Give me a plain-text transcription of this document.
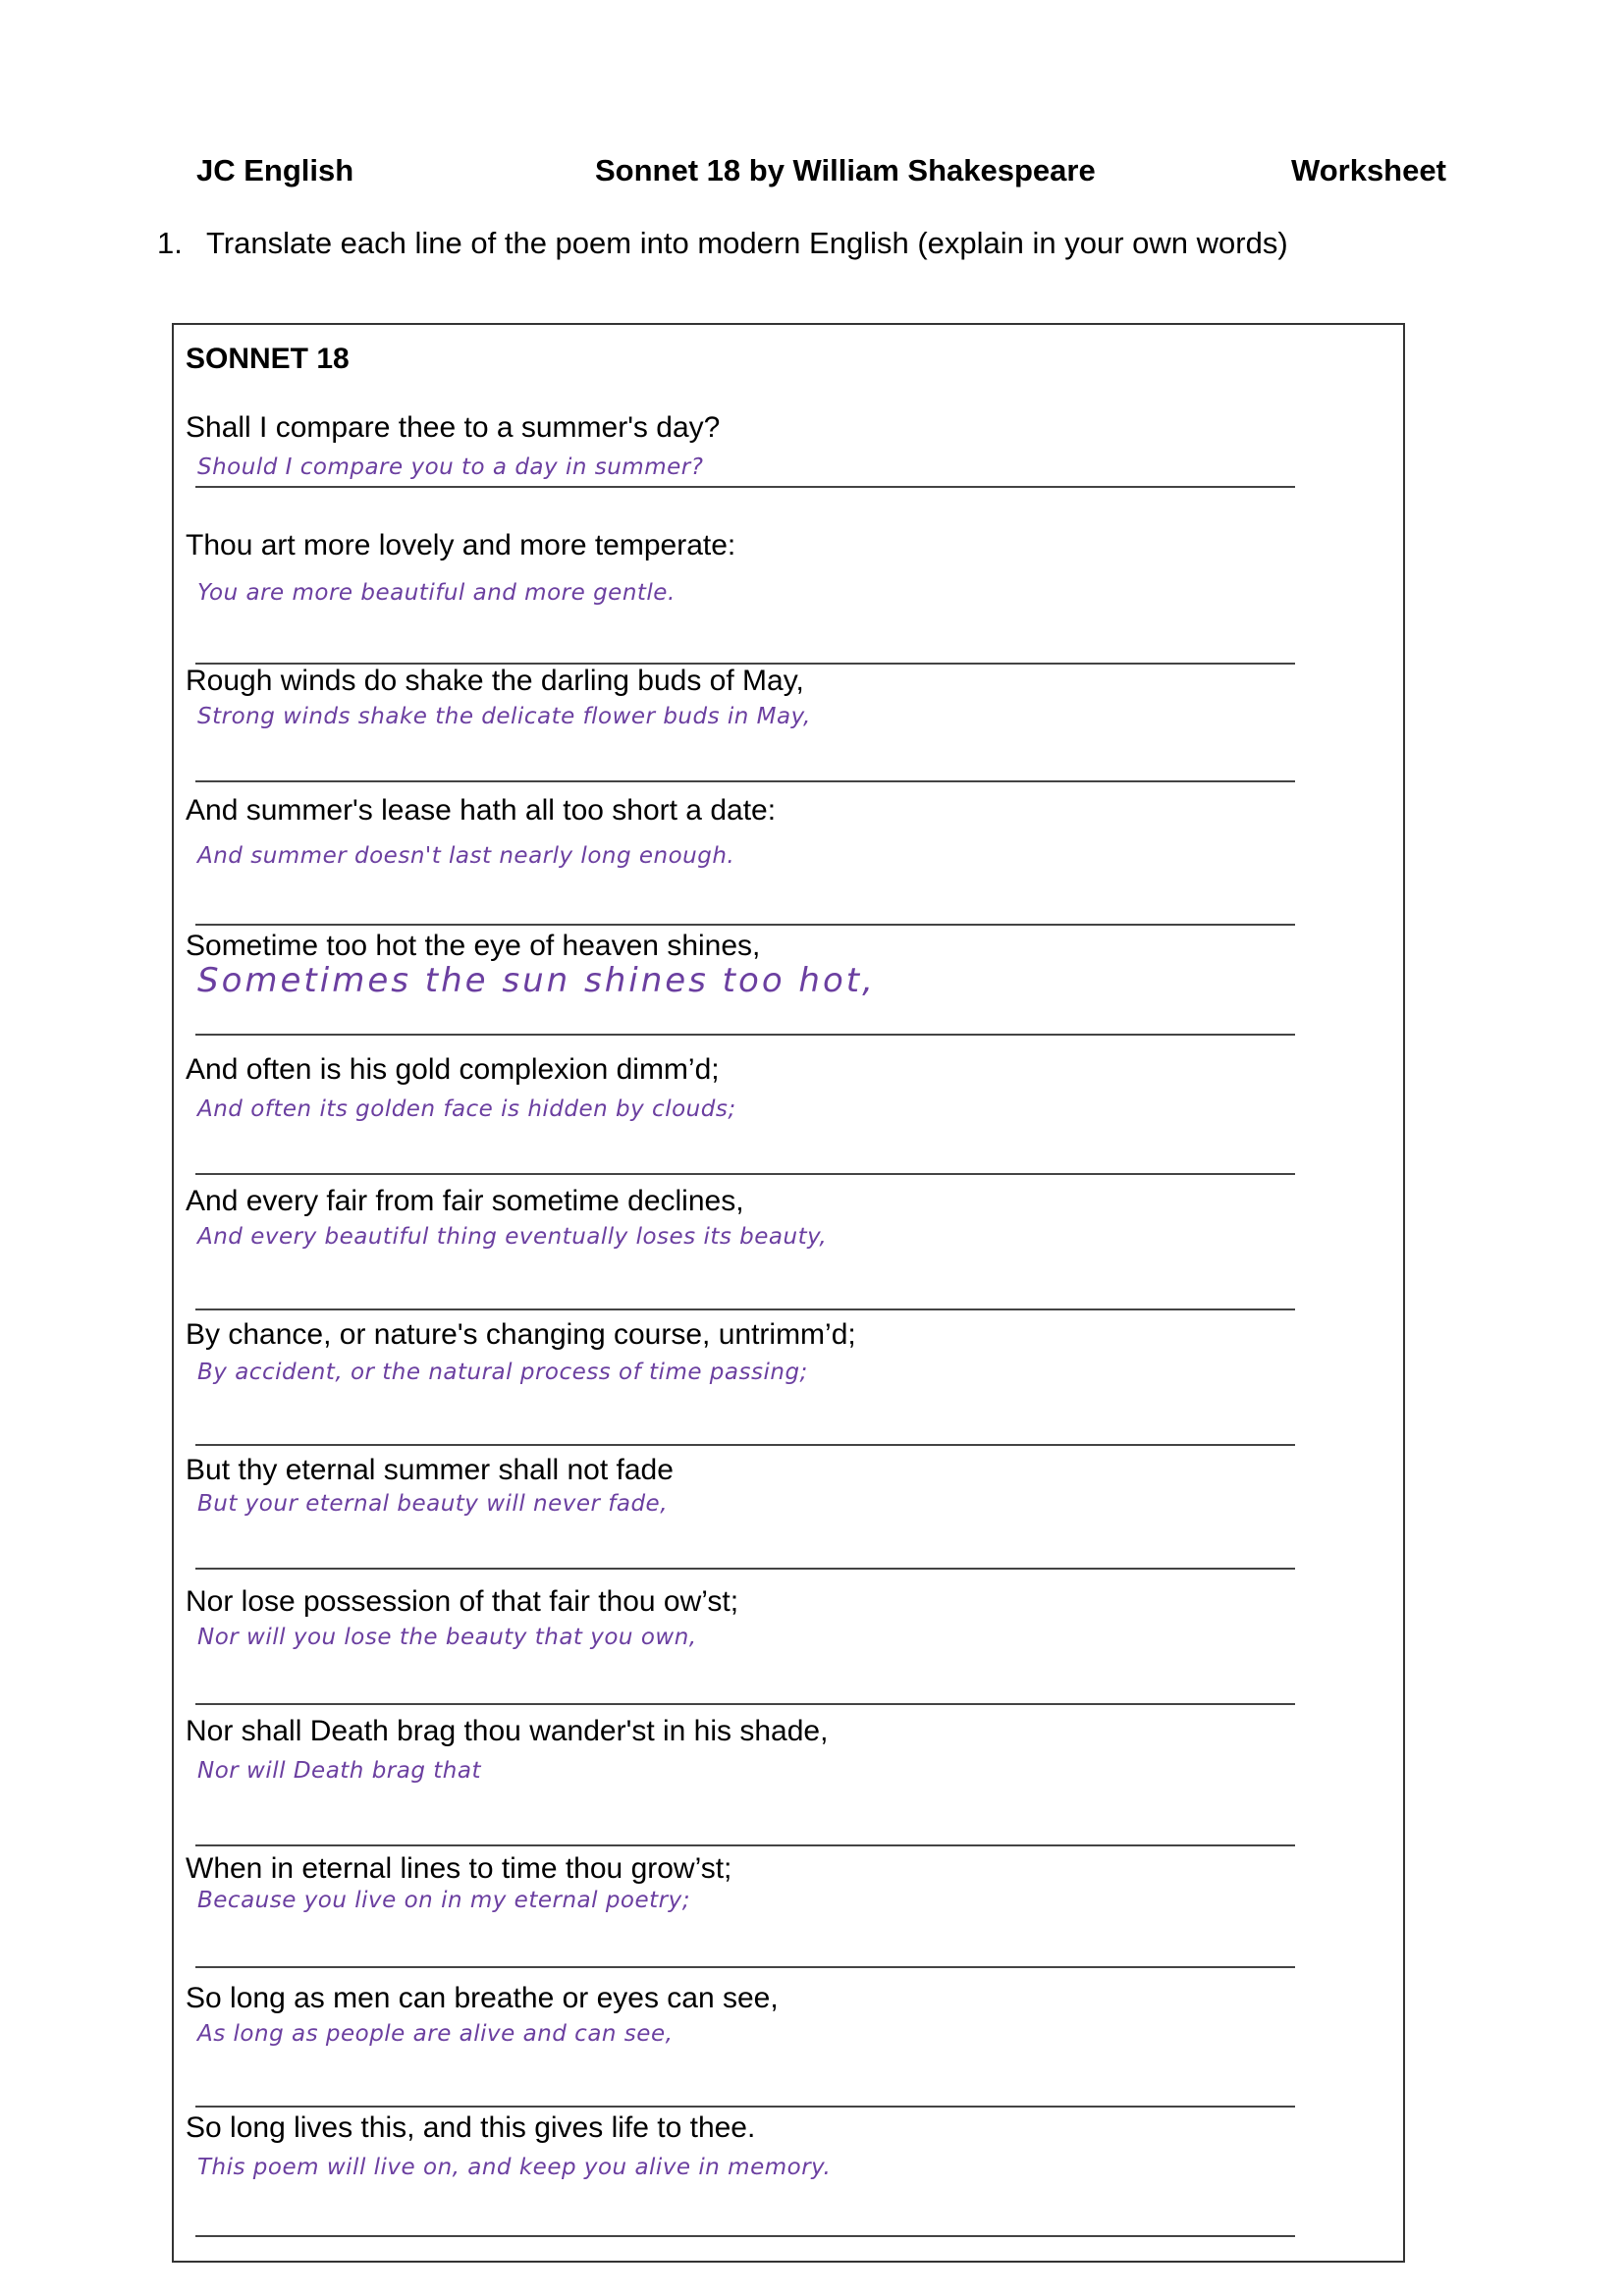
JC English	Sonnet 18 by William Shakespeare	Worksheet
1. Translate each line of the poem into modern English (explain in your own words)
SONNET 18
Shall I compare thee to a summer's day?
Should I compare you to a day in summer?
Thou art more lovely and more temperate:
You are more beautiful and more gentle.
Rough winds do shake the darling buds of May,
Strong winds shake the delicate flower buds in May,
And summer's lease hath all too short a date:
And summer doesn't last nearly long enough.
Sometime too hot the eye of heaven shines,
Sometimes the sun shines too hot,
And often is his gold complexion dimm’d;
And often its golden face is hidden by clouds;
And every fair from fair sometime declines,
And every beautiful thing eventually loses its beauty,
By chance, or nature's changing course, untrimm’d;
By accident, or the natural process of time passing;
But thy eternal summer shall not fade
But your eternal beauty will never fade,
Nor lose possession of that fair thou ow’st;
Nor will you lose the beauty that you own,
Nor shall Death brag thou wander'st in his shade,
Nor will Death brag that
When in eternal lines to time thou grow’st;
Because you live on in my eternal poetry;
So long as men can breathe or eyes can see,
As long as people are alive and can see,
So long lives this, and this gives life to thee.
This poem will live on, and keep you alive in memory.
